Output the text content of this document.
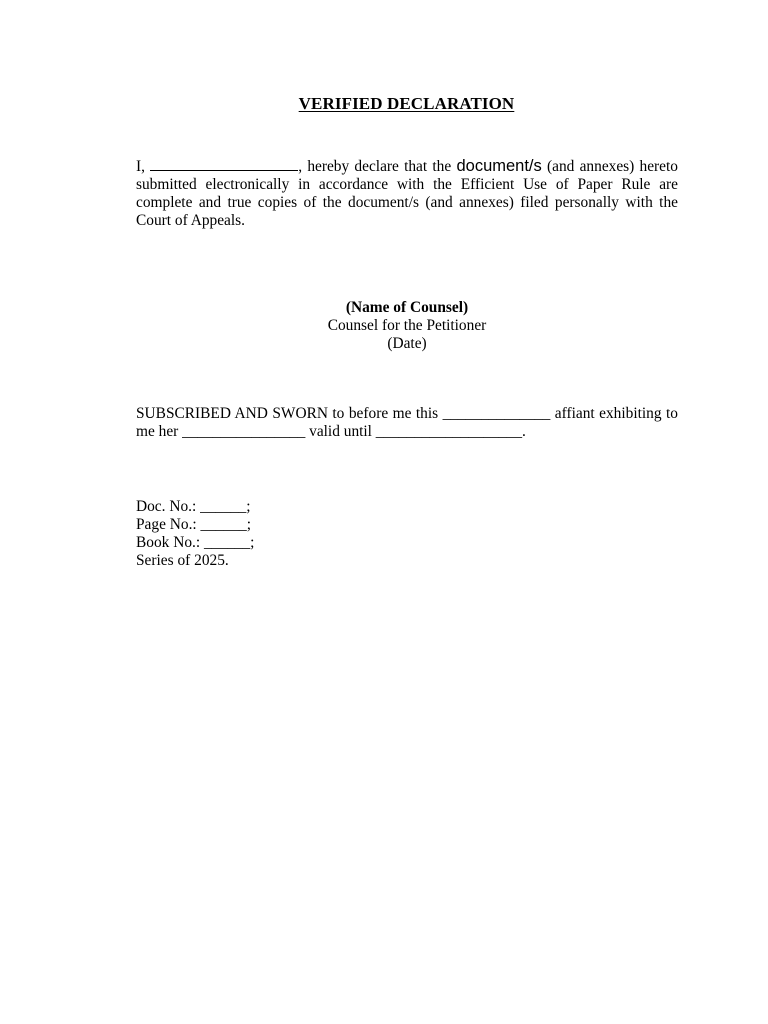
VERIFIED DECLARATION
I,	, hereby declare that the document/s (and annexes) hereto submitted electronically in accordance with the Efficient Use of Paper Rule are complete and true copies of the document/s (and annexes) filed personally with the Court of Appeals.
(Name of Counsel)
Counsel for the Petitioner
(Date)
SUBSCRIBED AND SWORN to before me this ______________ affiant exhibiting to me her ________________ valid until ___________________.
Doc. No.: ______;
Page No.: ______;
Book No.: ______;
Series of 2025.
